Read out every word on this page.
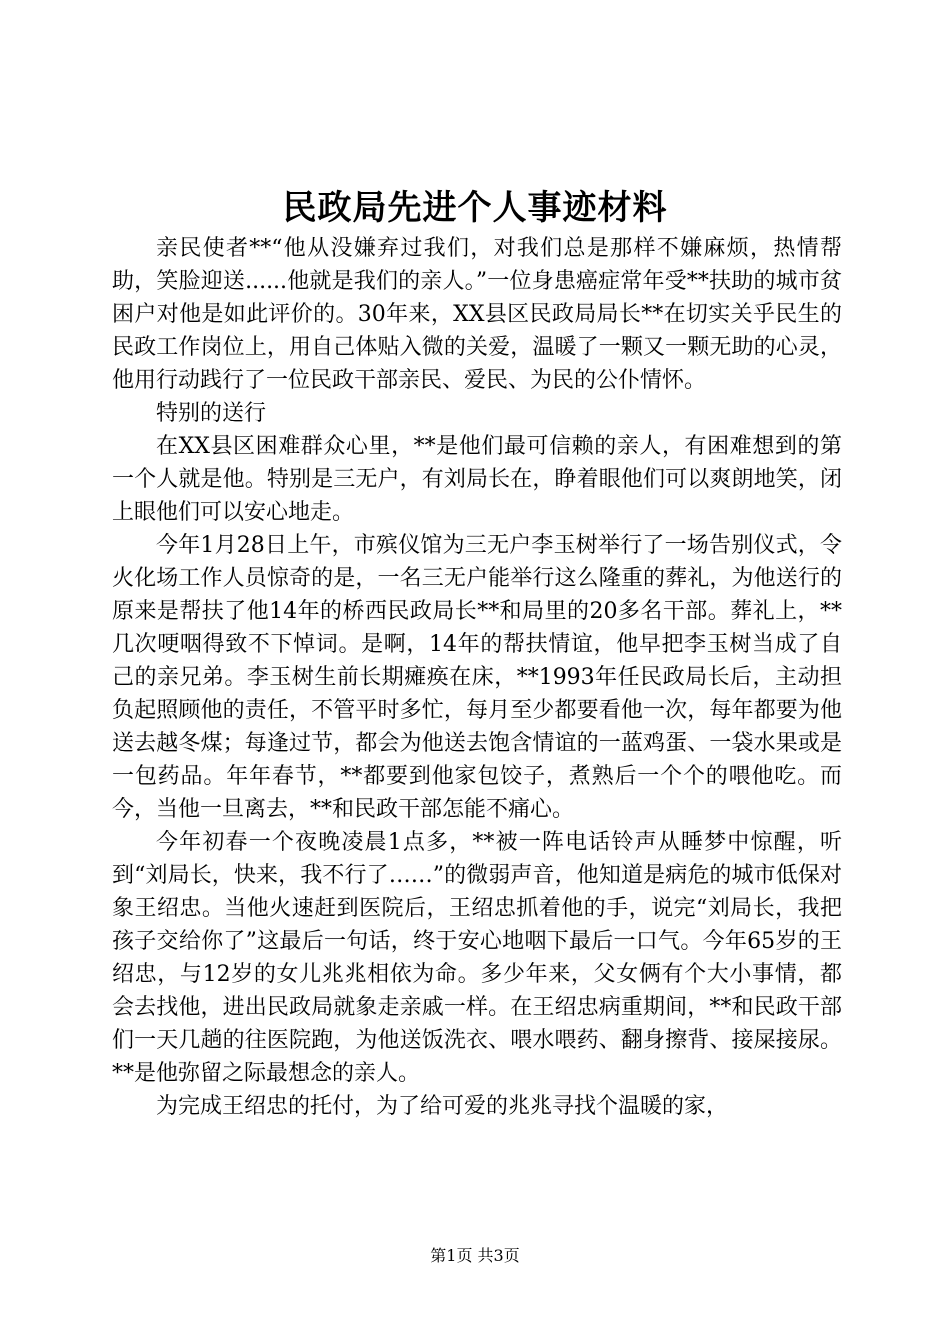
民政局先进个人事迹材料

亲民使者**“他从没嫌弃过我们，对我们总是那样不嫌麻烦，热情帮助，笑脸迎送......他就是我们的亲人。”一位身患癌症常年受**扶助的城市贫困户对他是如此评价的。30年来，XX县区民政局局长**在切实关乎民生的民政工作岗位上，用自己体贴入微的关爱，温暖了一颗又一颗无助的心灵，他用行动践行了一位民政干部亲民、爱民、为民的公仆情怀。

特别的送行

在XX县区困难群众心里，**是他们最可信赖的亲人，有困难想到的第一个人就是他。特别是三无户，有刘局长在，睁着眼他们可以爽朗地笑，闭上眼他们可以安心地走。

今年1月28日上午，市殡仪馆为三无户李玉树举行了一场告别仪式，令火化场工作人员惊奇的是，一名三无户能举行这么隆重的葬礼，为他送行的原来是帮扶了他14年的桥西民政局长**和局里的20多名干部。葬礼上，**几次哽咽得致不下悼词。是啊，14年的帮扶情谊，他早把李玉树当成了自己的亲兄弟。李玉树生前长期瘫痪在床，**1993年任民政局长后，主动担负起照顾他的责任，不管平时多忙，每月至少都要看他一次，每年都要为他送去越冬煤；每逢过节，都会为他送去饱含情谊的一蓝鸡蛋、一袋水果或是一包药品。年年春节，**都要到他家包饺子，煮熟后一个个的喂他吃。而今，当他一旦离去，**和民政干部怎能不痛心。

今年初春一个夜晚凌晨1点多，**被一阵电话铃声从睡梦中惊醒，听到“刘局长，快来，我不行了……”的微弱声音，他知道是病危的城市低保对象王绍忠。当他火速赶到医院后，王绍忠抓着他的手，说完“刘局长，我把孩子交给你了”这最后一句话，终于安心地咽下最后一口气。今年65岁的王绍忠，与12岁的女儿兆兆相依为命。多少年来，父女俩有个大小事情，都会去找他，进出民政局就象走亲戚一样。在王绍忠病重期间，**和民政干部们一天几趟的往医院跑，为他送饭洗衣、喂水喂药、翻身擦背、接屎接尿。**是他弥留之际最想念的亲人。

为完成王绍忠的托付，为了给可爱的兆兆寻找个温暖的家，

第1页 共3页
